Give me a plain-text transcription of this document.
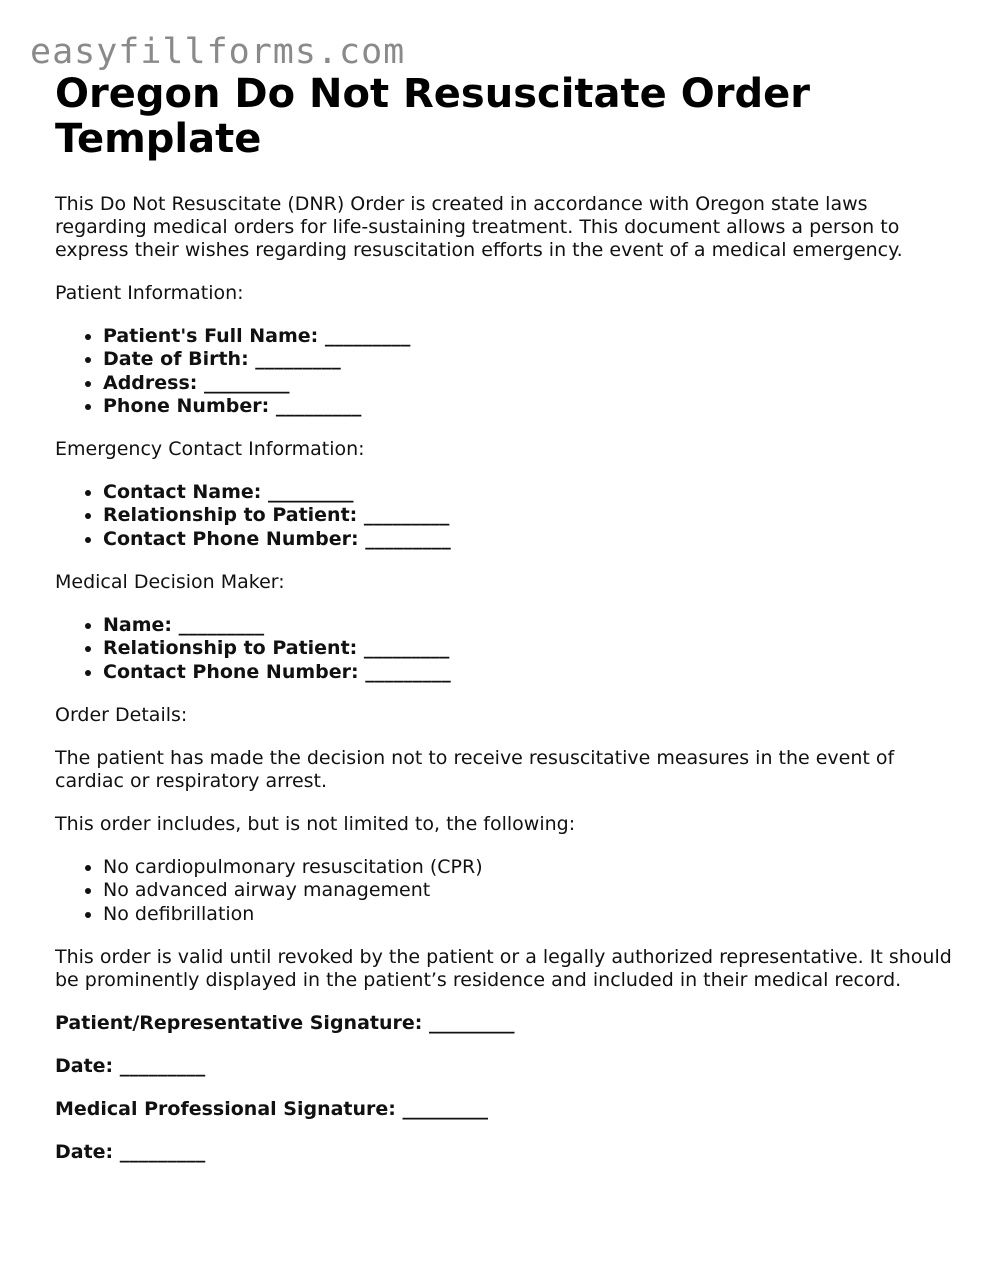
easyfillforms.com
Oregon Do Not Resuscitate Order Template

This Do Not Resuscitate (DNR) Order is created in accordance with Oregon state laws regarding medical orders for life-sustaining treatment. This document allows a person to express their wishes regarding resuscitation efforts in the event of a medical emergency.

Patient Information:

• Patient's Full Name: _________
• Date of Birth: _________
• Address: _________
• Phone Number: _________

Emergency Contact Information:

• Contact Name: _________
• Relationship to Patient: _________
• Contact Phone Number: _________

Medical Decision Maker:

• Name: _________
• Relationship to Patient: _________
• Contact Phone Number: _________

Order Details:

The patient has made the decision not to receive resuscitative measures in the event of cardiac or respiratory arrest.

This order includes, but is not limited to, the following:

• No cardiopulmonary resuscitation (CPR)
• No advanced airway management
• No defibrillation

This order is valid until revoked by the patient or a legally authorized representative. It should be prominently displayed in the patient’s residence and included in their medical record.

Patient/Representative Signature: _________

Date: _________

Medical Professional Signature: _________

Date: _________
